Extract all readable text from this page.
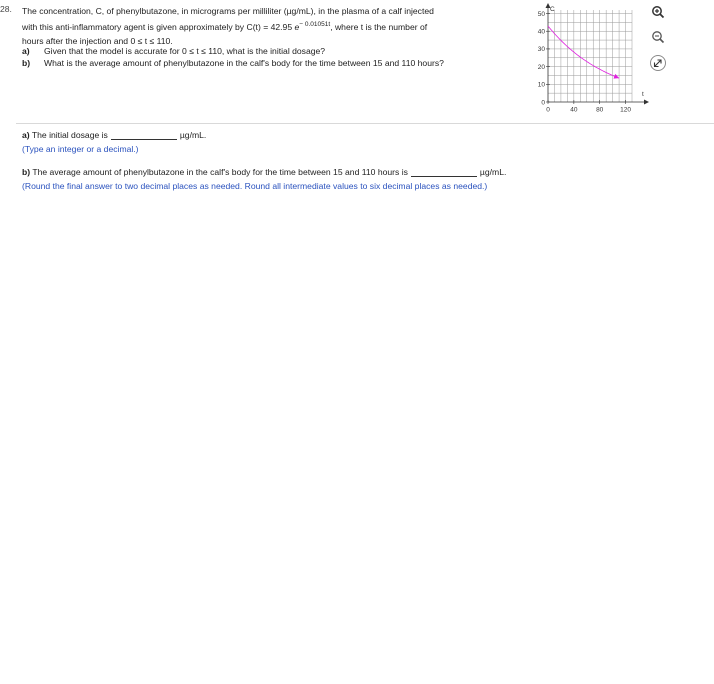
28. The concentration, C, of phenylbutazone, in micrograms per milliliter (µg/mL), in the plasma of a calf injected
with this anti-inflammatory agent is given approximately by C(t) = 42.95 $e^{- 0.01051t}$, where t is the number of
hours after the injection and 0 ≤ t ≤ 110.
a) Given that the model is accurate for 0 ≤ t ≤ 110, what is the initial dosage?
b) What is the average amount of phenylbutazone in the calf's body for the time between 15 and 110 hours?
C
t
0
10
20
30
40
50
0	40	80	120
a) The initial dosage is	µg/mL.
(Type an integer or a decimal.)
b) The average amount of phenylbutazone in the calf's body for the time between 15 and 110 hours is	µg/mL.
(Round the final answer to two decimal places as needed. Round all intermediate values to six decimal places as needed.)
